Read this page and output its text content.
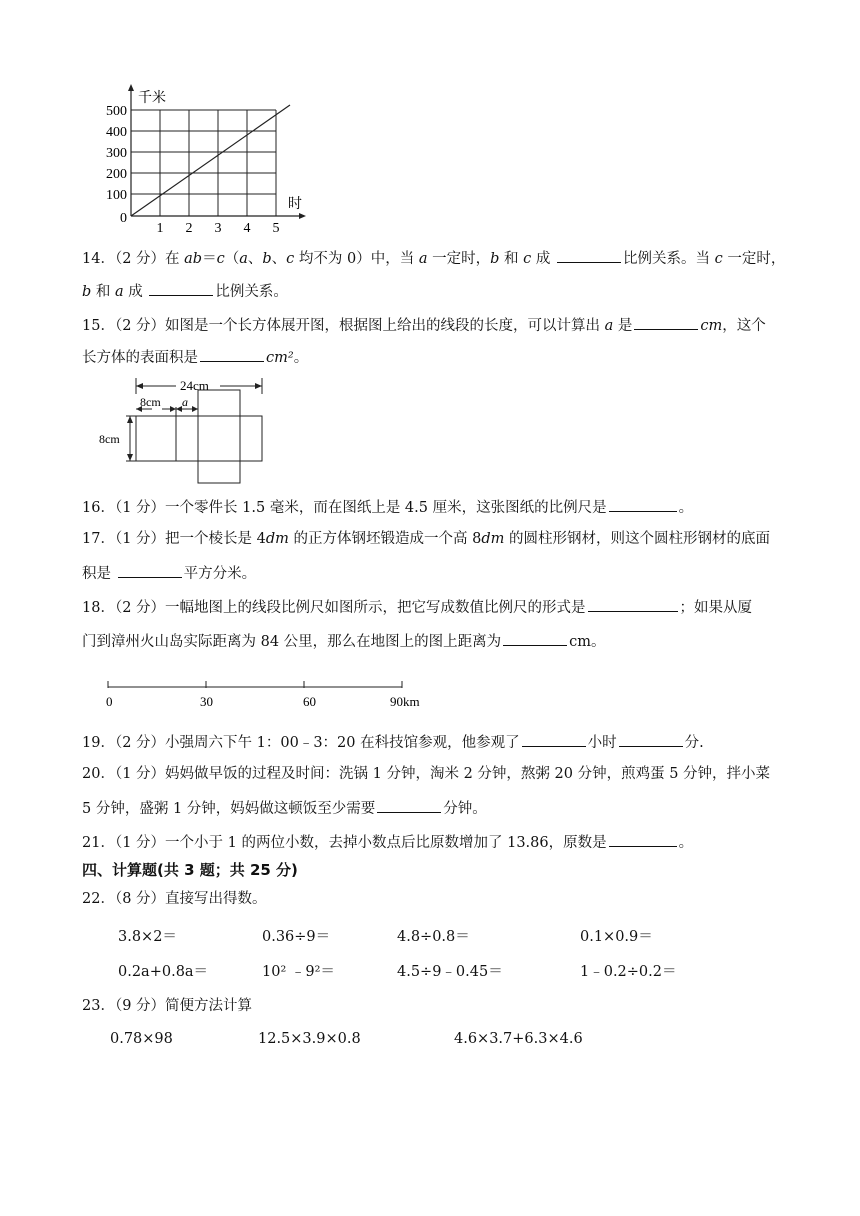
千米
时
500
400
300
200
100
0
1 2 3 4 5
14．（2 分）在 ab＝c（a、b、c 均不为 0）中，当 a 一定时，b 和 c 成	比例关系。当 c 一定时，
b 和 a 成	比例关系。
15．（2 分）如图是一个长方体展开图，根据图上给出的线段的长度，可以计算出 a 是	cm，这个
长方体的表面积是	cm²。
24cm
8cm a
8cm
16．（1 分）一个零件长 1.5 毫米，而在图纸上是 4.5 厘米，这张图纸的比例尺是	。
17．（1 分）把一个棱长是 4dm 的正方体钢坯锻造成一个高 8dm 的圆柱形钢材，则这个圆柱形钢材的底面
积是	平方分米。
18．（2 分）一幅地图上的线段比例尺如图所示，把它写成数值比例尺的形式是	；如果从厦
门到漳州火山岛实际距离为 84 公里，那么在地图上的图上距离为	cm。
0	30	60	90km
19．（2 分）小强周六下午 1：00﹣3：20 在科技馆参观，他参观了	小时	分.
20．（1 分）妈妈做早饭的过程及时间：洗锅 1 分钟，淘米 2 分钟，熬粥 20 分钟，煎鸡蛋 5 分钟，拌小菜
5 分钟，盛粥 1 分钟，妈妈做这顿饭至少需要	分钟。
21．（1 分）一个小于 1 的两位小数，去掉小数点后比原数增加了 13.86，原数是	。
四、计算题(共 3 题；共 25 分)
22．（8 分）直接写出得数。
3.8×2＝	0.36÷9＝	4.8÷0.8＝	0.1×0.9＝
0.2a+0.8a＝	10² ﹣9²＝	4.5÷9﹣0.45＝	1﹣0.2÷0.2＝
23．（9 分）简便方法计算
0.78×98	12.5×3.9×0.8	4.6×3.7+6.3×4.6
